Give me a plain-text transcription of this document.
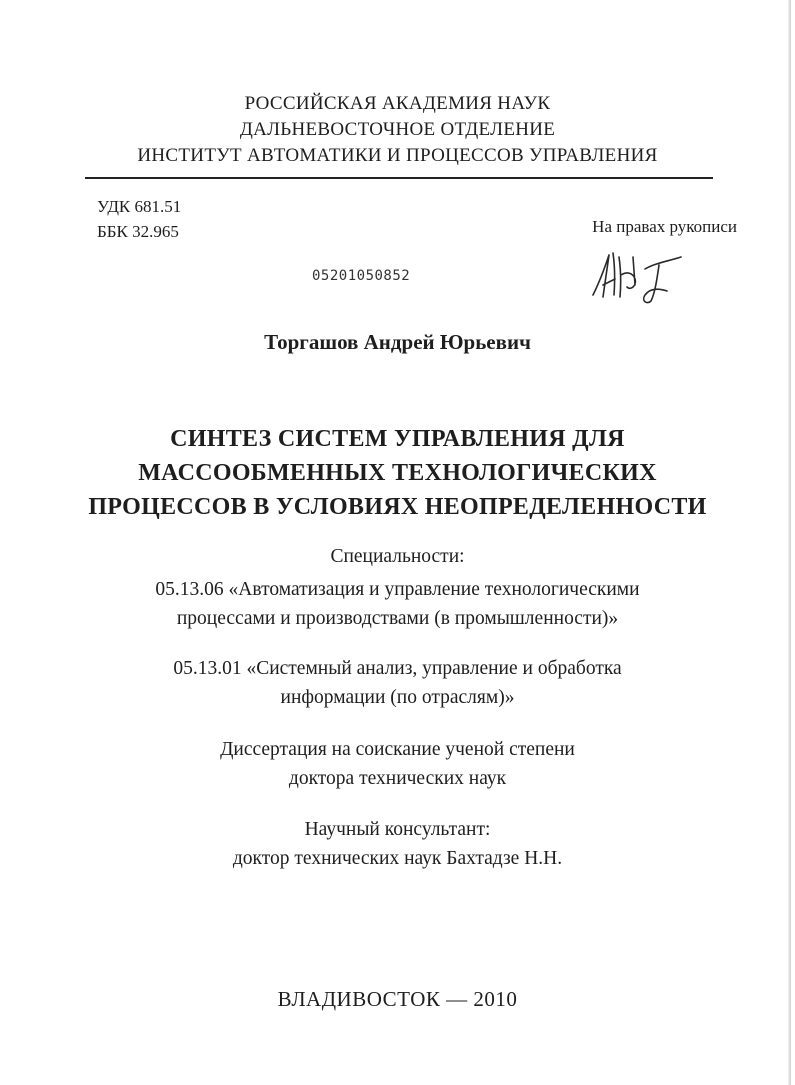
РОССИЙСКАЯ АКАДЕМИЯ НАУК
ДАЛЬНЕВОСТОЧНОЕ ОТДЕЛЕНИЕ
ИНСТИТУТ АВТОМАТИКИ И ПРОЦЕССОВ УПРАВЛЕНИЯ
УДК 681.51
ББК 32.965	На правах рукописи
05201050852
Торгашов Андрей Юрьевич
СИНТЕЗ СИСТЕМ УПРАВЛЕНИЯ ДЛЯ
МАССООБМЕННЫХ ТЕХНОЛОГИЧЕСКИХ
ПРОЦЕССОВ В УСЛОВИЯХ НЕОПРЕДЕЛЕННОСТИ
Специальности:
05.13.06 «Автоматизация и управление технологическими
процессами и производствами (в промышленности)»
05.13.01 «Системный анализ, управление и обработка
информации (по отраслям)»
Диссертация на соискание ученой степени
доктора технических наук
Научный консультант:
доктор технических наук Бахтадзе Н.Н.
ВЛАДИВОСТОК — 2010
